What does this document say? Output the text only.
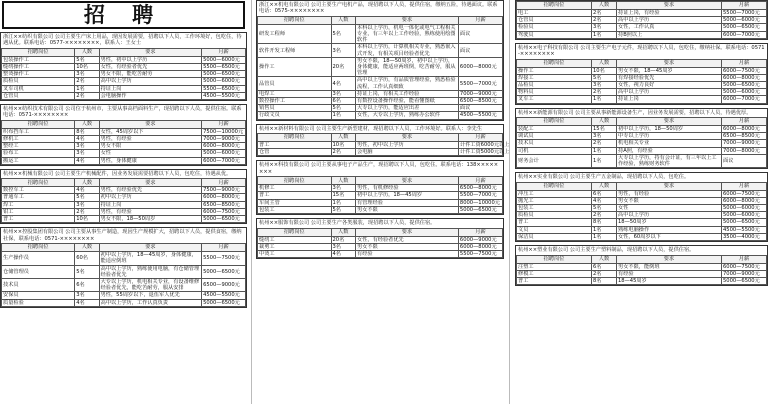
招 聘
浙江××纺织有限公司 公司主要生产床上用品，现因发展需要，招聘以下人员，工作环境好，包吃住，待遇从优。联系电话：0577-××××××××，联系人：王女士
招聘岗位	人数	要求	月薪
包装操作工	5名	男性，初中以上学历	5000—6000元
缝纫操作工	10名	女性，有经验者优先	5500—6500元
整烫操作工	3名	男女不限，能吃苦耐劳	5000—6500元
质检员	2名	高中以上学历	5000—6000元
叉车司机	1名	持证上岗	5500—6500元
仓管员	2名	会电脑操作	4500—5500元
杭州××纺织技术有限公司 公司位于杭州市，主要从事高档面料生产，现招聘以下人员，提供住宿。联系电话：0571-××××××××
招聘岗位	人数	要求	月薪
织布挡车工	8名	女性，45周岁以下	7500—10000元
修机工	4名	男性，有经验	7000—9000元
整经工	3名	男女不限	6000—8000元
验布工	3名	女性	5000—6000元
搬运工	4名	男性，身体健康	6000—7000元
杭州××机械有限公司 公司主要生产机械配件，因业务发展需要招聘以下人员，包吃住，待遇从优。
招聘岗位	人数	要求	月薪
数控车工	4名	男性，有经验优先	7500—9000元
普通车工	5名	初中以上学历	6000—8000元
焊工	3名	持证上岗	6500—8500元
钳工	2名	男性，有经验	6000—7500元
普工	10名	男女不限，18—50周岁	5000—6500元
杭州××控股集团有限公司 公司主要从事生产制造，现因生产规模扩大，招聘以下人员，提供食宿，缴纳社保，联系电话：0571-××××××××
招聘岗位	人数	要求	月薪
生产操作员	60名	初中以上学历，18—45周岁，身体健康，能适应倒班	5500—7500元
仓储管理员	5名	高中以上学历，熟练使用电脑，有仓储管理经验者优先	5000—6500元
技术员	6名	大专以上学历，机电相关专业，有设备维修经验者优先，能吃苦耐劳，服从安排	6500—9000元
安保员	3名	男性，55周岁以下，退伍军人优先	4500—5500元
质量检验	4名	高中以上学历，工作认真负责	5000—6500元
浙江××机电有限公司 公司主要生产电机产品，现招聘以下人员，提供住宿，缴纳五险，待遇面议。联系电话：0575-××××××××
招聘岗位	人数	要求	月薪
研发工程师	5名	本科以上学历，机电一体化或电气工程相关专业，有三年以上工作经验，熟练使用绘图软件	面议
软件开发工程师	3名	本科以上学历，计算机相关专业，熟悉嵌入式开发，有相关项目经验者优先	面议
操作工	20名	男女不限，18—50周岁，初中以上学历，身体健康，能适应两班倒，吃苦耐劳，服从管理	6000—8000元
品管员	4名	高中以上学历，有品质管理经验，熟悉检验流程，工作认真细致	5500—7000元
电焊工	3名	持证上岗，有相关工作经验	7000—9000元
数控操作工	6名	有数控设备操作经验，能看懂图纸	6500—8500元
销售员	5名	大专以上学历，能适应出差	面议
行政文员	1名	女性，大专以上学历，熟练办公软件	4500—5500元
杭州××新材料有限公司 公司主要生产新型建材，现招聘以下人员，工作环境好。联系人：李先生
招聘岗位	人数	要求	月薪
普工	10名	男性，初中以上学历	计件工资6000元以上
仓管	2名	会电脑	计件工资5000元以上
杭州××科技有限公司 公司主要从事电子产品生产，现招聘以下人员，包吃住。联系电话：138××××××××
招聘岗位	人数	要求	月薪
机修工	3名	男性，有机修经验	6500—8000元
普工	15名	初中以上学历，18—45周岁	5500—7000元
车间主管	1名	有管理经验	8000—10000元
包装工	5名	男女不限	5000—6500元
杭州××服饰有限公司 公司主要生产各类服装，现招聘以下人员，提供住宿。
招聘岗位	人数	要求	月薪
缝纫工	20名	女性，有经验者优先	6000—9000元
裁剪工	3名	男女不限	6000—8000元
中烫工	4名	有经验	5500—7500元
招聘岗位	人数	要求	月薪
电工	2名	持证上岗，有经验	5500—7000元
仓管员	2名	高中以上学历	5000—6000元
检验员	3名	女性，工作认真	5000—6500元
驾驶员	1名	持B照以上	6000—7000元
杭州××电子科技有限公司 公司主要生产电子元件，现招聘以下人员，包吃住，缴纳社保。联系电话：0571-××××××××
招聘岗位	人数	要求	月薪
操作工	10名	男女不限，18—45周岁	6000—7500元
焊接工	5名	有焊接经验优先	6000—8000元
品检员	3名	女性，视力良好	5000—6500元
物料员	2名	高中以上学历	5000—6000元
叉车工	1名	持证上岗	6000—7000元
杭州××新能源有限公司 公司主要从事新能源设备生产，因业务发展需要，招聘以下人员，待遇优厚。
招聘岗位	人数	要求	月薪
装配工	15名	初中以上学历，18—50周岁	6000—8000元
调试员	3名	中专以上学历	6500—8500元
技术员	2名	机电相关专业	7000—9000元
司机	1名	持A照，有经验	7000—8000元
财务会计	1名	大专以上学历，持有会计证，有三年以上工作经验，熟练财务软件	面议
杭州××实业有限公司 公司主要生产五金制品，现招聘以下人员，包吃住。
招聘岗位	人数	要求	月薪
冲压工	6名	男性，有经验	6000—7500元
抛光工	4名	男女不限	6000—8000元
包装工	5名	女性	5000—6000元
质检员	2名	高中以上学历	5000—6000元
普工	8名	18—50周岁	5000—6500元
文员	1名	熟练电脑操作	4500—5500元
保洁员	1名	女性，60周岁以下	3500—4000元
杭州××塑业有限公司 公司主要生产塑料制品，现招聘以下人员，提供住宿。
招聘岗位	人数	要求	月薪
注塑工	6名	男女不限，能倒班	6000—7500元
修模工	2名	有经验	7000—9000元
普工	8名	18—45周岁	5000—6500元
